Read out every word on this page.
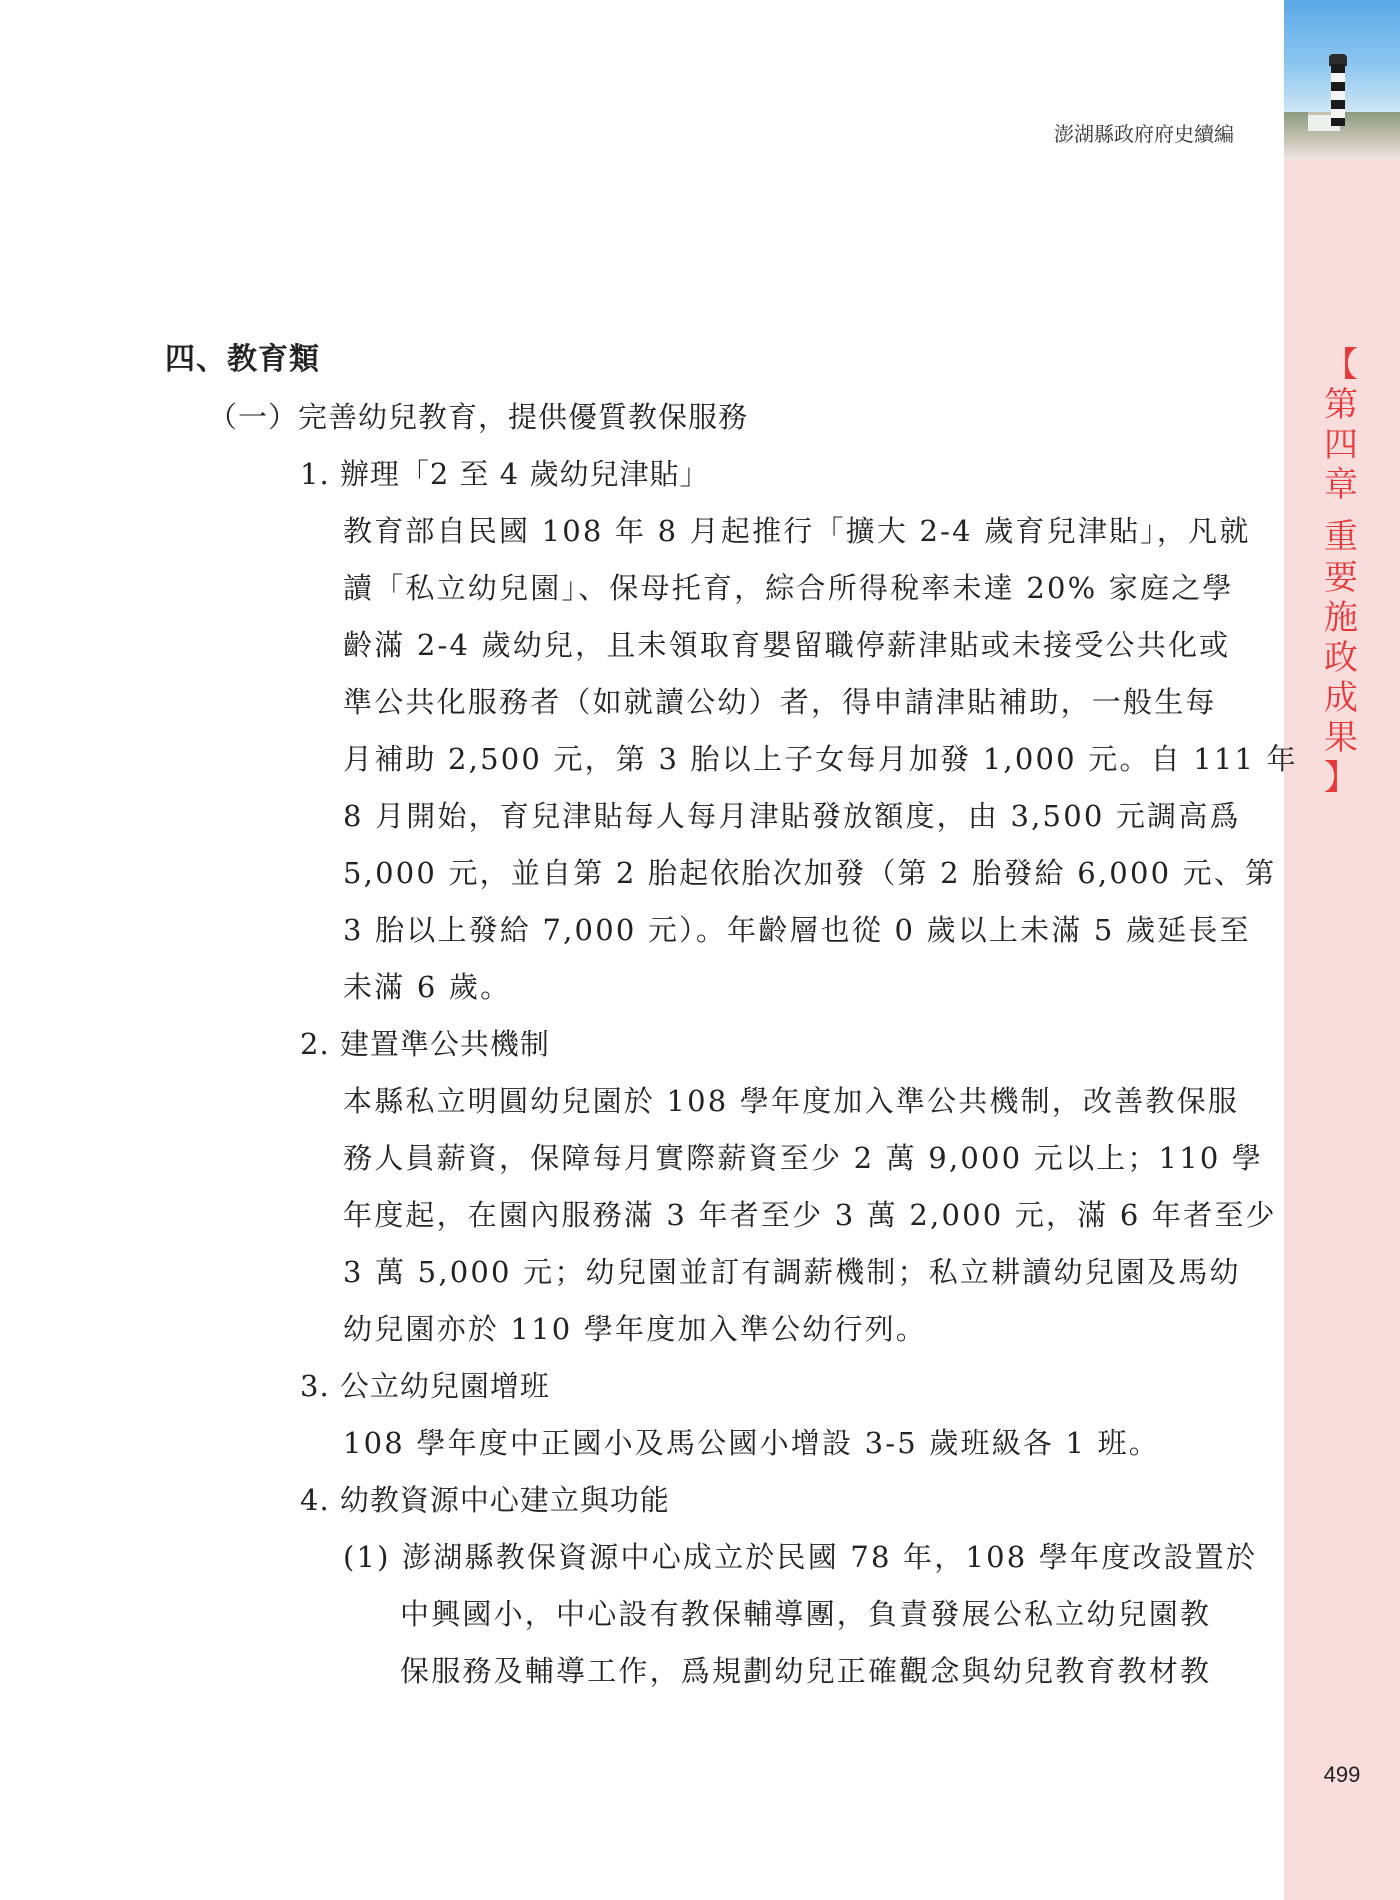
【
第
四
章
重
要
施
政
成
果
】
澎湖縣政府府史續編

四、教育類

（一）完善幼兒教育，提供優質教保服務

1. 辦理「2 至 4 歲幼兒津貼」

教育部自民國 108 年 8 月起推行「擴大 2-4 歲育兒津貼」，凡就

讀「私立幼兒園」、保母托育，綜合所得稅率未達 20% 家庭之學

齡滿 2-4 歲幼兒，且未領取育嬰留職停薪津貼或未接受公共化或

準公共化服務者（如就讀公幼）者，得申請津貼補助，一般生每

月補助 2,500 元，第 3 胎以上子女每月加發 1,000 元。自 111 年

8 月開始，育兒津貼每人每月津貼發放額度，由 3,500 元調高爲

5,000 元，並自第 2 胎起依胎次加發（第 2 胎發給 6,000 元、第

3 胎以上發給 7,000 元）。年齡層也從 0 歲以上未滿 5 歲延長至

未滿 6 歲。

2. 建置準公共機制

本縣私立明圓幼兒園於 108 學年度加入準公共機制，改善教保服

務人員薪資，保障每月實際薪資至少 2 萬 9,000 元以上；110 學

年度起，在園內服務滿 3 年者至少 3 萬 2,000 元，滿 6 年者至少

3 萬 5,000 元；幼兒園並訂有調薪機制；私立耕讀幼兒園及馬幼

幼兒園亦於 110 學年度加入準公幼行列。

3. 公立幼兒園增班

108 學年度中正國小及馬公國小增設 3-5 歲班級各 1 班。

4. 幼教資源中心建立與功能

(1) 澎湖縣教保資源中心成立於民國 78 年，108 學年度改設置於

中興國小，中心設有教保輔導團，負責發展公私立幼兒園教

保服務及輔導工作，爲規劃幼兒正確觀念與幼兒教育教材教

499
